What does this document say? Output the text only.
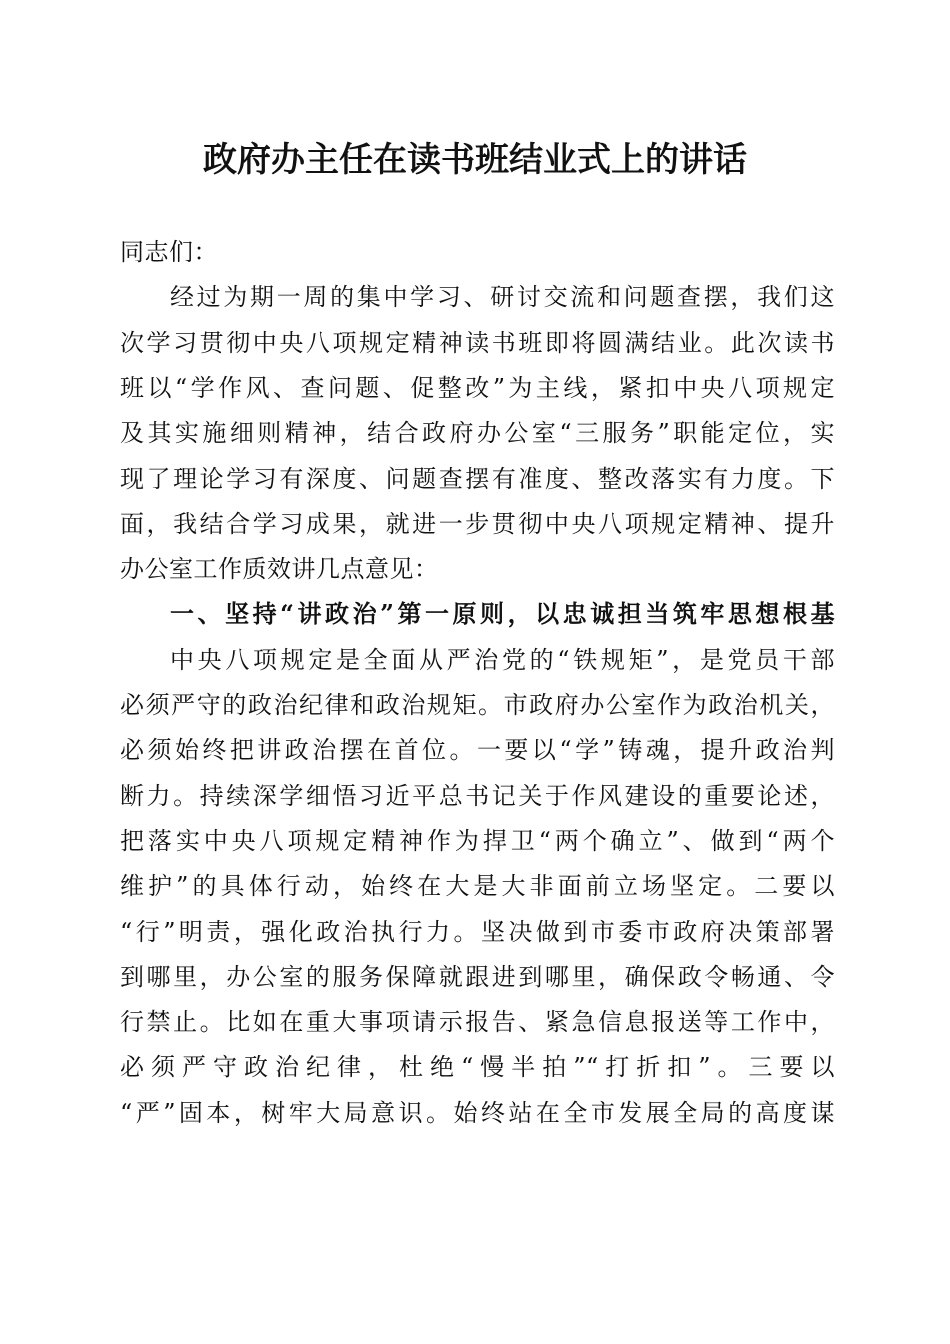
政府办主任在读书班结业式上的讲话
同志们：
经过为期一周的集中学习、研讨交流和问题查摆，我们这
次学习贯彻中央八项规定精神读书班即将圆满结业。此次读书
班以“学作风、查问题、促整改”为主线，紧扣中央八项规定
及其实施细则精神，结合政府办公室“三服务”职能定位，实
现了理论学习有深度、问题查摆有准度、整改落实有力度。下
面，我结合学习成果，就进一步贯彻中央八项规定精神、提升
办公室工作质效讲几点意见：
一、坚持“讲政治”第一原则，以忠诚担当筑牢思想根基
中央八项规定是全面从严治党的“铁规矩”，是党员干部
必须严守的政治纪律和政治规矩。市政府办公室作为政治机关，
必须始终把讲政治摆在首位。一要以“学”铸魂，提升政治判
断力。持续深学细悟习近平总书记关于作风建设的重要论述，
把落实中央八项规定精神作为捍卫“两个确立”、做到“两个
维护”的具体行动，始终在大是大非面前立场坚定。二要以
“行”明责，强化政治执行力。坚决做到市委市政府决策部署
到哪里，办公室的服务保障就跟进到哪里，确保政令畅通、令
行禁止。比如在重大事项请示报告、紧急信息报送等工作中，
必须严守政治纪律，杜绝“慢半拍”“打折扣”。三要以
“严”固本，树牢大局意识。始终站在全市发展全局的高度谋
